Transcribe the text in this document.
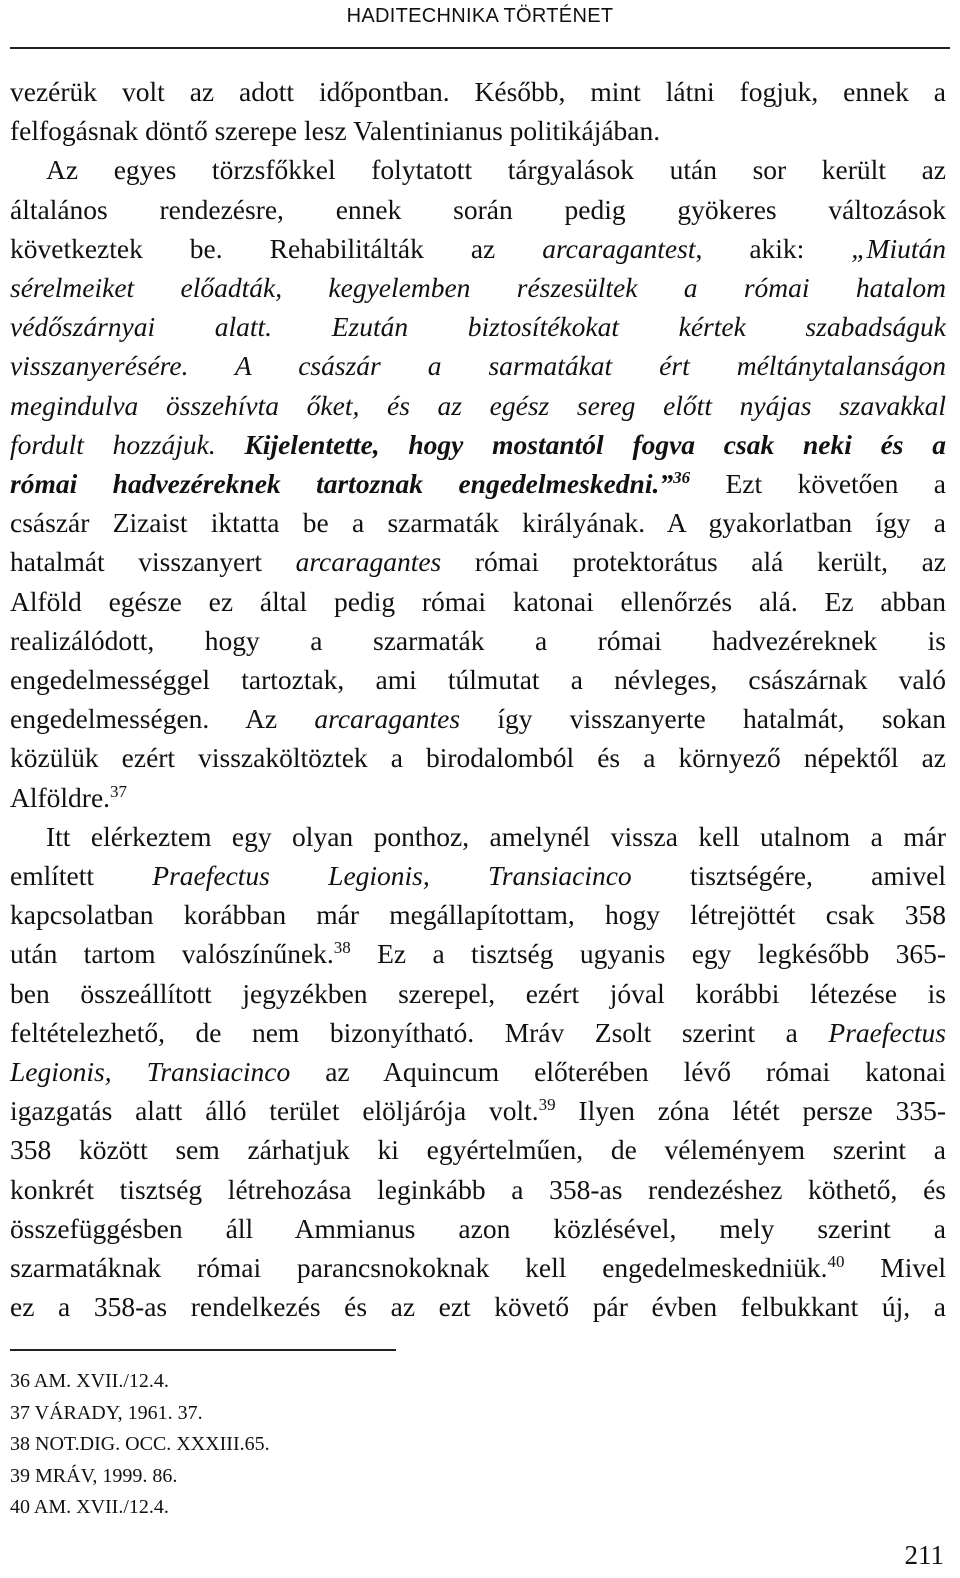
HADITECHNIKA TÖRTÉNET
vezérük volt az adott időpontban. Később, mint látni fogjuk, ennek a
felfogásnak döntő szerepe lesz Valentinianus politikájában.
Az egyes törzsfőkkel folytatott tárgyalások után sor került az
általános rendezésre, ennek során pedig gyökeres változások
következtek be. Rehabilitálták az arcaragantest, akik: „Miután
sérelmeiket előadták, kegyelemben részesültek a római hatalom
védőszárnyai alatt. Ezután biztosítékokat kértek szabadságuk
visszanyerésére. A császár a sarmatákat ért méltánytalanságon
megindulva összehívta őket, és az egész sereg előtt nyájas szavakkal
fordult hozzájuk. Kijelentette, hogy mostantól fogva csak neki és a
római hadvezéreknek tartoznak engedelmeskedni.”$^{36}$ Ezt követően a
császár Zizaist iktatta be a szarmaták királyának. A gyakorlatban így a
hatalmát visszanyert arcaragantes római protektorátus alá került, az
Alföld egésze ez által pedig római katonai ellenőrzés alá. Ez abban
realizálódott, hogy a szarmaták a római hadvezéreknek is
engedelmességgel tartoztak, ami túlmutat a névleges, császárnak való
engedelmességen. Az arcaragantes így visszanyerte hatalmát, sokan
közülük ezért visszaköltöztek a birodalomból és a környező népektől az
Alföldre.$^{37}$
Itt elérkeztem egy olyan ponthoz, amelynél vissza kell utalnom a már
említett Praefectus Legionis, Transiacinco tisztségére, amivel
kapcsolatban korábban már megállapítottam, hogy létrejöttét csak 358
után tartom valószínűnek.$^{38}$ Ez a tisztség ugyanis egy legkésőbb 365-
ben összeállított jegyzékben szerepel, ezért jóval korábbi létezése is
feltételezhető, de nem bizonyítható. Mráv Zsolt szerint a Praefectus
Legionis, Transiacinco az Aquincum előterében lévő római katonai
igazgatás alatt álló terület elöljárója volt.$^{39}$ Ilyen zóna létét persze 335-
358 között sem zárhatjuk ki egyértelműen, de véleményem szerint a
konkrét tisztség létrehozása leginkább a 358-as rendezéshez köthető, és
összefüggésben áll Ammianus azon közlésével, mely szerint a
szarmatáknak római parancsnokoknak kell engedelmeskedniük.$^{40}$ Mivel
ez a 358-as rendelkezés és az ezt követő pár évben felbukkant új, a
36 AM. XVII./12.4.
37 VÁRADY, 1961. 37.
38 NOT.DIG. OCC. XXXIII.65.
39 MRÁV, 1999. 86.
40 AM. XVII./12.4.
211
